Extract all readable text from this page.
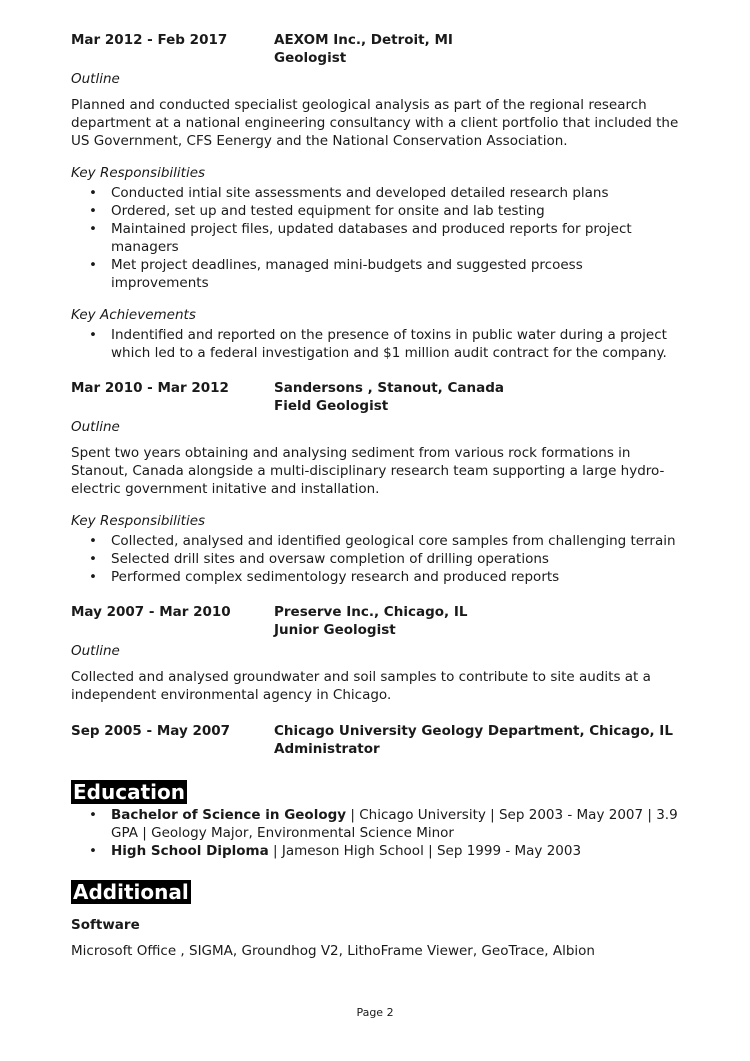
Mar 2012 - Feb 2017	AEXOM Inc., Detroit, MI
Geologist
Outline
Planned and conducted specialist geological analysis as part of the regional research department at a national engineering consultancy with a client portfolio that included the US Government, CFS Eenergy and the National Conservation Association.
Key Responsibilities
• Conducted intial site assessments and developed detailed research plans
• Ordered, set up and tested equipment for onsite and lab testing
• Maintained project files, updated databases and produced reports for project managers
• Met project deadlines, managed mini-budgets and suggested prcoess improvements
Key Achievements
• Indentified and reported on the presence of toxins in public water during a project which led to a federal investigation and $1 million audit contract for the company.
Mar 2010 - Mar 2012	Sandersons , Stanout, Canada
Field Geologist
Outline
Spent two years obtaining and analysing sediment from various rock formations in Stanout, Canada alongside a multi-disciplinary research team supporting a large hydro-electric government initative and installation.
Key Responsibilities
• Collected, analysed and identified geological core samples from challenging terrain
• Selected drill sites and oversaw completion of drilling operations
• Performed complex sedimentology research and produced reports
May 2007 - Mar 2010	Preserve Inc., Chicago, IL
Junior Geologist
Outline
Collected and analysed groundwater and soil samples to contribute to site audits at a independent environmental agency in Chicago.
Sep 2005 - May 2007	Chicago University Geology Department, Chicago, IL
Administrator
Education
• Bachelor of Science in Geology | Chicago University | Sep 2003 - May 2007 | 3.9 GPA | Geology Major, Environmental Science Minor
• High School Diploma | Jameson High School | Sep 1999 - May 2003
Additional
Software
Microsoft Office , SIGMA, Groundhog V2, LithoFrame Viewer, GeoTrace, Albion
Page 2
